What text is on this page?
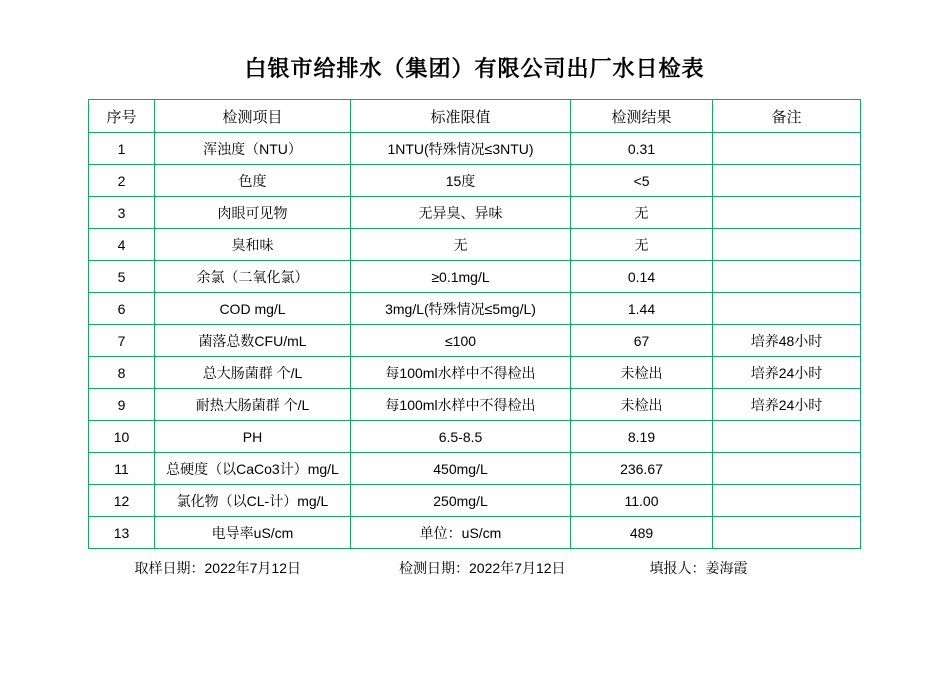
白银市给排水（集团）有限公司出厂水日检表
序号	检测项目	标准限值	检测结果	备注
1	浑浊度（NTU）	1NTU(特殊情况≤3NTU)	0.31	
2	色度	15度	<5	
3	肉眼可见物	无异臭、异味	无	
4	臭和味	无	无	
5	余氯（二氧化氯）	≥0.1mg/L	0.14	
6	COD mg/L	3mg/L(特殊情况≤5mg/L)	1.44	
7	菌落总数CFU/mL	≤100	67	培养48小时
8	总大肠菌群 个/L	每100ml水样中不得检出	未检出	培养24小时
9	耐热大肠菌群 个/L	每100ml水样中不得检出	未检出	培养24小时
10	PH	6.5-8.5	8.19	
11	总硬度（以CaCo3计）mg/L	450mg/L	236.67	
12	氯化物（以CL-计）mg/L	250mg/L	11.00	
13	电导率uS/cm	单位：uS/cm	489	
取样日期：2022年7月12日	检测日期：2022年7月12日	填报人：姜海霞
